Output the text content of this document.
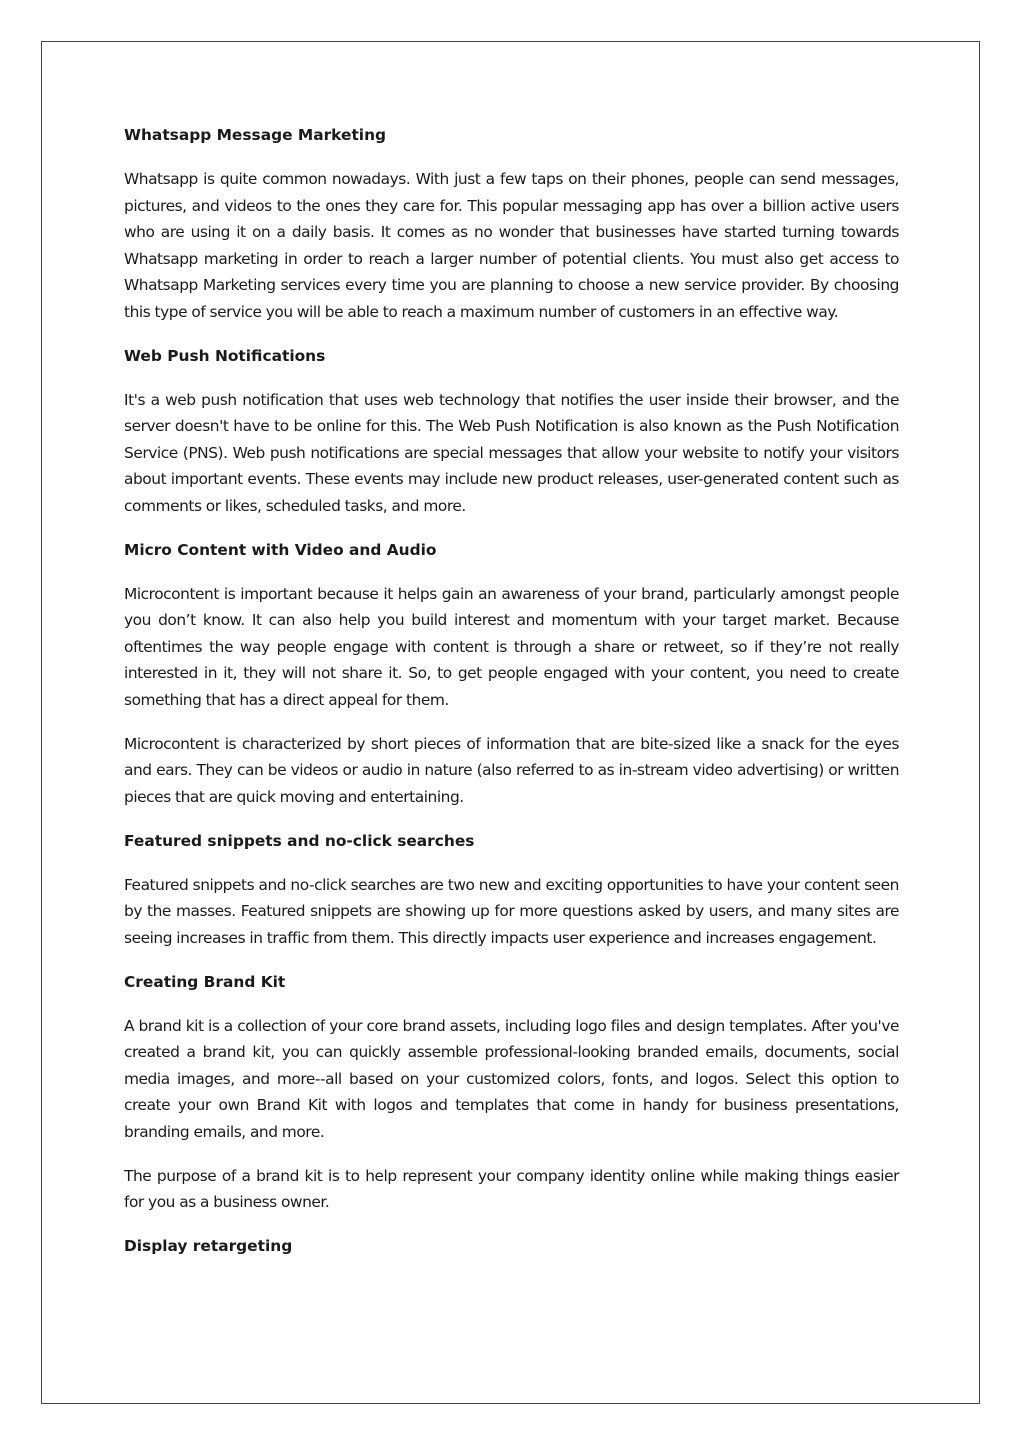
Whatsapp Message Marketing

Whatsapp is quite common nowadays. With just a few taps on their phones, people can send messages, pictures, and videos to the ones they care for. This popular messaging app has over a billion active users who are using it on a daily basis. It comes as no wonder that businesses have started turning towards Whatsapp marketing in order to reach a larger number of potential clients. You must also get access to Whatsapp Marketing services every time you are planning to choose a new service provider. By choosing this type of service you will be able to reach a maximum number of customers in an effective way.

Web Push Notifications

It's a web push notification that uses web technology that notifies the user inside their browser, and the server doesn't have to be online for this. The Web Push Notification is also known as the Push Notification Service (PNS). Web push notifications are special messages that allow your website to notify your visitors about important events. These events may include new product releases, user-generated content such as comments or likes, scheduled tasks, and more.

Micro Content with Video and Audio

Microcontent is important because it helps gain an awareness of your brand, particularly amongst people you don’t know. It can also help you build interest and momentum with your target market. Because oftentimes the way people engage with content is through a share or retweet, so if they’re not really interested in it, they will not share it. So, to get people engaged with your content, you need to create something that has a direct appeal for them.

Microcontent is characterized by short pieces of information that are bite-sized like a snack for the eyes and ears. They can be videos or audio in nature (also referred to as in-stream video advertising) or written pieces that are quick moving and entertaining.

Featured snippets and no-click searches

Featured snippets and no-click searches are two new and exciting opportunities to have your content seen by the masses. Featured snippets are showing up for more questions asked by users, and many sites are seeing increases in traffic from them. This directly impacts user experience and increases engagement.

Creating Brand Kit

A brand kit is a collection of your core brand assets, including logo files and design templates. After you've created a brand kit, you can quickly assemble professional-looking branded emails, documents, social media images, and more--all based on your customized colors, fonts, and logos. Select this option to create your own Brand Kit with logos and templates that come in handy for business presentations, branding emails, and more.

The purpose of a brand kit is to help represent your company identity online while making things easier for you as a business owner.

Display retargeting
